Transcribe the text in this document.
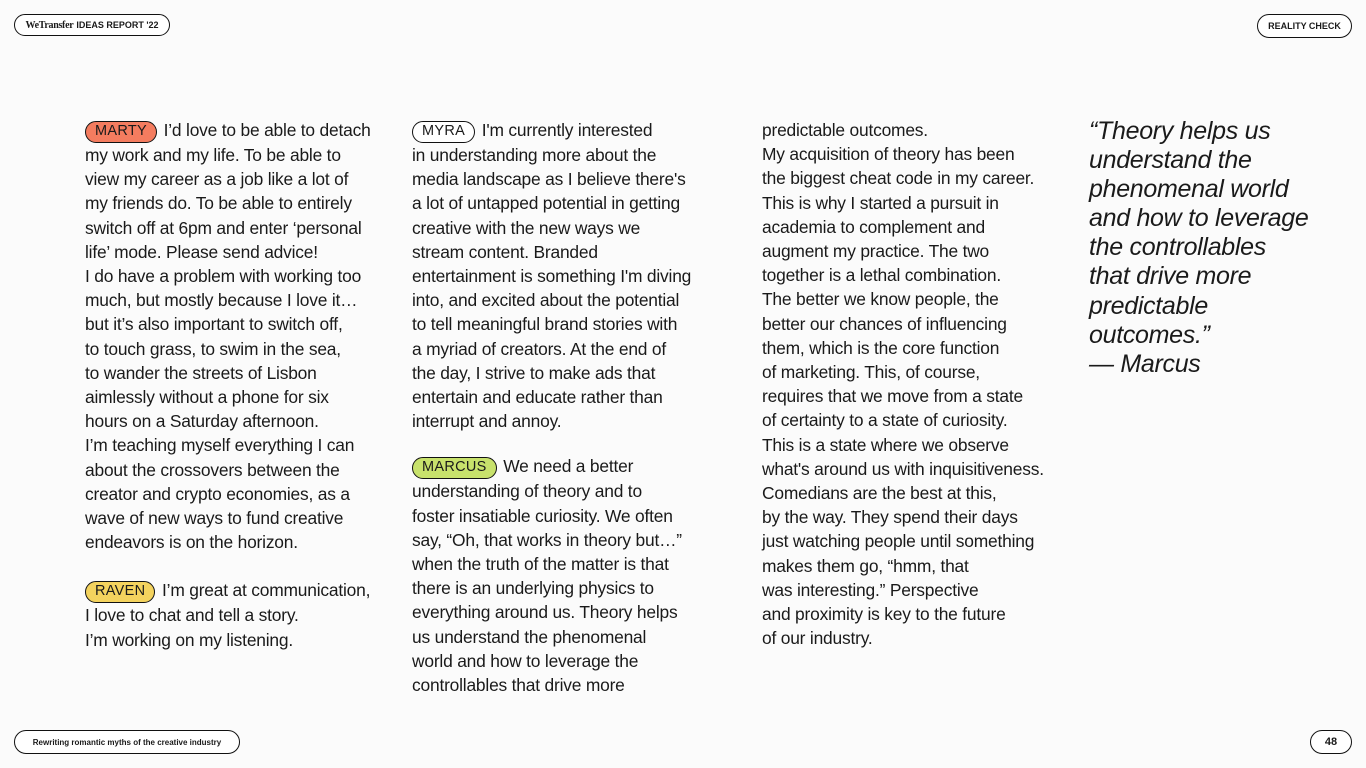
WeTransfer IDEAS REPORT '22	REALITY CHECK

MARTY I’d love to be able to detach
my work and my life. To be able to
view my career as a job like a lot of
my friends do. To be able to entirely
switch off at 6pm and enter ‘personal
life’ mode. Please send advice!
I do have a problem with working too
much, but mostly because I love it…
but it’s also important to switch off,
to touch grass, to swim in the sea,
to wander the streets of Lisbon
aimlessly without a phone for six
hours on a Saturday afternoon.
I’m teaching myself everything I can
about the crossovers between the
creator and crypto economies, as a
wave of new ways to fund creative
endeavors is on the horizon.

RAVEN I’m great at communication,
I love to chat and tell a story.
I’m working on my listening.

MYRA I'm currently interested
in understanding more about the
media landscape as I believe there's
a lot of untapped potential in getting
creative with the new ways we
stream content. Branded
entertainment is something I'm diving
into, and excited about the potential
to tell meaningful brand stories with
a myriad of creators. At the end of
the day, I strive to make ads that
entertain and educate rather than
interrupt and annoy.

MARCUS We need a better
understanding of theory and to
foster insatiable curiosity. We often
say, “Oh, that works in theory but…”
when the truth of the matter is that
there is an underlying physics to
everything around us. Theory helps
us understand the phenomenal
world and how to leverage the
controllables that drive more

predictable outcomes.
My acquisition of theory has been
the biggest cheat code in my career.
This is why I started a pursuit in
academia to complement and
augment my practice. The two
together is a lethal combination.
The better we know people, the
better our chances of influencing
them, which is the core function
of marketing. This, of course,
requires that we move from a state
of certainty to a state of curiosity.
This is a state where we observe
what's around us with inquisitiveness.
Comedians are the best at this,
by the way. They spend their days
just watching people until something
makes them go, “hmm, that
was interesting.” Perspective
and proximity is key to the future
of our industry.

“Theory helps us
understand the
phenomenal world
and how to leverage
the controllables
that drive more
predictable
outcomes.”
— Marcus

Rewriting romantic myths of the creative industry	48
